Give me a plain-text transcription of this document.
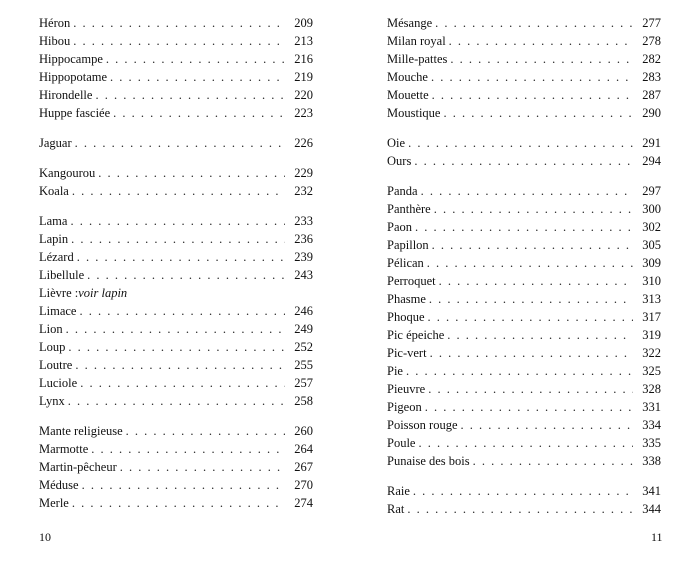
Héron . . .	209
Hibou . . .	213
Hippocampe . . .	216
Hippopotame . . .	219
Hirondelle . . .	220
Huppe fasciée . . .	223
Jaguar . . .	226
Kangourou . . .	229
Koala . . .	232
Lama . . .	233
Lapin . . .	236
Lézard . . .	239
Libellule . . .	243
Lièvre : voir lapin
Limace . . .	246
Lion . . .	249
Loup . . .	252
Loutre . . .	255
Luciole . . .	257
Lynx . . .	258
Mante religieuse . . .	260
Marmotte . . .	264
Martin-pêcheur . . .	267
Méduse . . .	270
Merle . . .	274
Mésange . . .	277
Milan royal . . .	278
Mille-pattes . . .	282
Mouche . . .	283
Mouette . . .	287
Moustique . . .	290
Oie . . .	291
Ours . . .	294
Panda . . .	297
Panthère . . .	300
Paon . . .	302
Papillon . . .	305
Pélican . . .	309
Perroquet . . .	310
Phasme . . .	313
Phoque . . .	317
Pic épeiche . . .	319
Pic-vert . . .	322
Pie . . .	325
Pieuvre . . .	328
Pigeon . . .	331
Poisson rouge . . .	334
Poule . . .	335
Punaise des bois . . .	338
Raie . . .	341
Rat . . .	344
10	11
